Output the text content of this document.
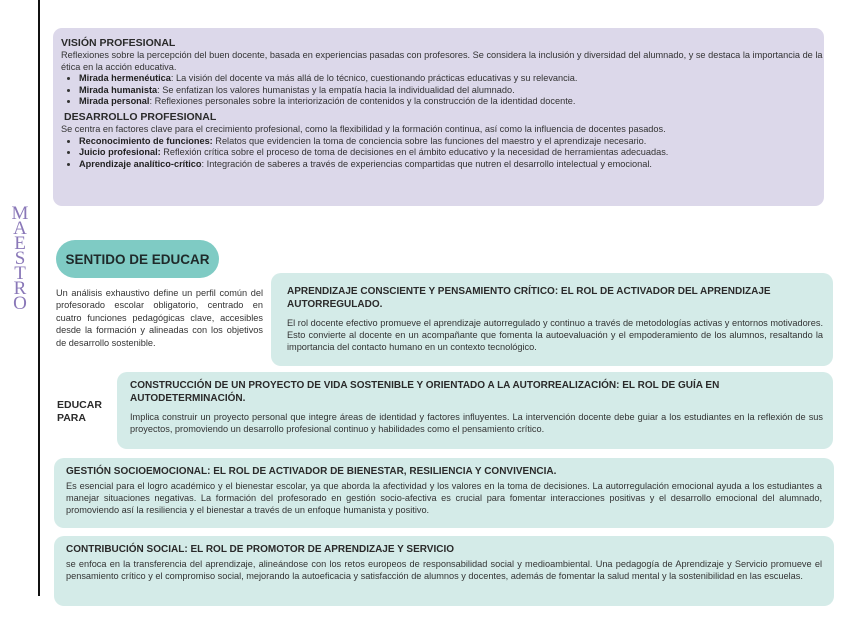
M
A
E
S
T
R
O
VISIÓN PROFESIONAL
Reflexiones sobre la percepción del buen docente, basada en experiencias pasadas con profesores. Se considera la inclusión y diversidad del alumnado, y se destaca la importancia de la ética en la acción educativa.
• Mirada hermenéutica: La visión del docente va más allá de lo técnico, cuestionando prácticas educativas y su relevancia.
• Mirada humanista: Se enfatizan los valores humanistas y la empatía hacia la individualidad del alumnado.
• Mirada personal: Reflexiones personales sobre la interiorización de contenidos y la construcción de la identidad docente.
DESARROLLO PROFESIONAL
Se centra en factores clave para el crecimiento profesional, como la flexibilidad y la formación continua, así como la influencia de docentes pasados.
• Reconocimiento de funciones: Relatos que evidencien la toma de conciencia sobre las funciones del maestro y el aprendizaje necesario.
• Juicio profesional: Reflexión crítica sobre el proceso de toma de decisiones en el ámbito educativo y la necesidad de herramientas adecuadas.
• Aprendizaje analítico-crítico: Integración de saberes a través de experiencias compartidas que nutren el desarrollo intelectual y emocional.
SENTIDO DE EDUCAR
Un análisis exhaustivo define un perfil común del profesorado escolar obligatorio, centrado en cuatro funciones pedagógicas clave, accesibles desde la formación y alineadas con los objetivos de desarrollo sostenible.
EDUCAR PARA
APRENDIZAJE CONSCIENTE Y PENSAMIENTO CRÍTICO: EL ROL DE ACTIVADOR DEL APRENDIZAJE AUTORREGULADO.
El rol docente efectivo promueve el aprendizaje autorregulado y continuo a través de metodologías activas y entornos motivadores. Esto convierte al docente en un acompañante que fomenta la autoevaluación y el empoderamiento de los alumnos, resaltando la importancia del contacto humano en un contexto tecnológico.
CONSTRUCCIÓN DE UN PROYECTO DE VIDA SOSTENIBLE Y ORIENTADO A LA AUTORREALIZACIÓN: EL ROL DE GUÍA EN AUTODETERMINACIÓN.
Implica construir un proyecto personal que integre áreas de identidad y factores influyentes. La intervención docente debe guiar a los estudiantes en la reflexión de sus proyectos, promoviendo un desarrollo profesional continuo y habilidades como el pensamiento crítico.
GESTIÓN SOCIOEMOCIONAL: EL ROL DE ACTIVADOR DE BIENESTAR, RESILIENCIA Y CONVIVENCIA.
Es esencial para el logro académico y el bienestar escolar, ya que aborda la afectividad y los valores en la toma de decisiones. La autorregulación emocional ayuda a los estudiantes a manejar situaciones negativas. La formación del profesorado en gestión socio-afectiva es crucial para fomentar interacciones positivas y el desarrollo emocional del alumnado, promoviendo así la resiliencia y el bienestar a través de un enfoque humanista y positivo.
CONTRIBUCIÓN SOCIAL: EL ROL DE PROMOTOR DE APRENDIZAJE Y SERVICIO
se enfoca en la transferencia del aprendizaje, alineándose con los retos europeos de responsabilidad social y medioambiental. Una pedagogía de Aprendizaje y Servicio promueve el pensamiento crítico y el compromiso social, mejorando la autoeficacia y satisfacción de alumnos y docentes, además de fomentar la salud mental y la sostenibilidad en las escuelas.
